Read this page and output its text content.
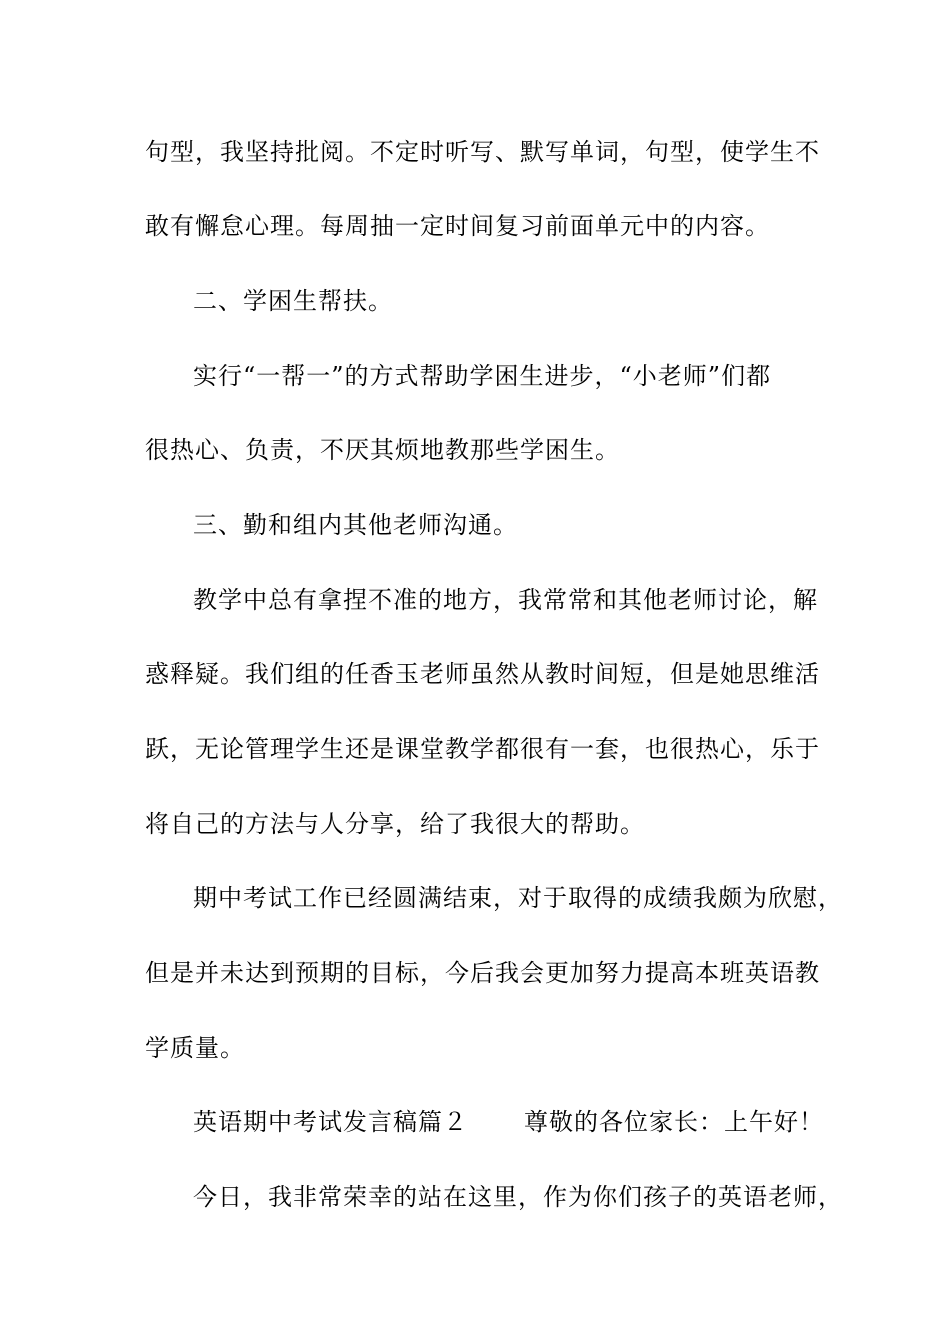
句型，我坚持批阅。不定时听写、默写单词，句型，使学生不
敢有懈怠心理。每周抽一定时间复习前面单元中的内容。
二、学困生帮扶。
实行“一帮一”的方式帮助学困生进步，“小老师”们都
很热心、负责，不厌其烦地教那些学困生。
三、勤和组内其他老师沟通。
教学中总有拿捏不准的地方，我常常和其他老师讨论，解
惑释疑。我们组的任香玉老师虽然从教时间短，但是她思维活
跃，无论管理学生还是课堂教学都很有一套，也很热心，乐于
将自己的方法与人分享，给了我很大的帮助。
期中考试工作已经圆满结束，对于取得的成绩我颇为欣慰，
但是并未达到预期的目标，今后我会更加努力提高本班英语教
学质量。
英语期中考试发言稿篇２ 尊敬的各位家长：上午好！
今日，我非常荣幸的站在这里，作为你们孩子的英语老师，
